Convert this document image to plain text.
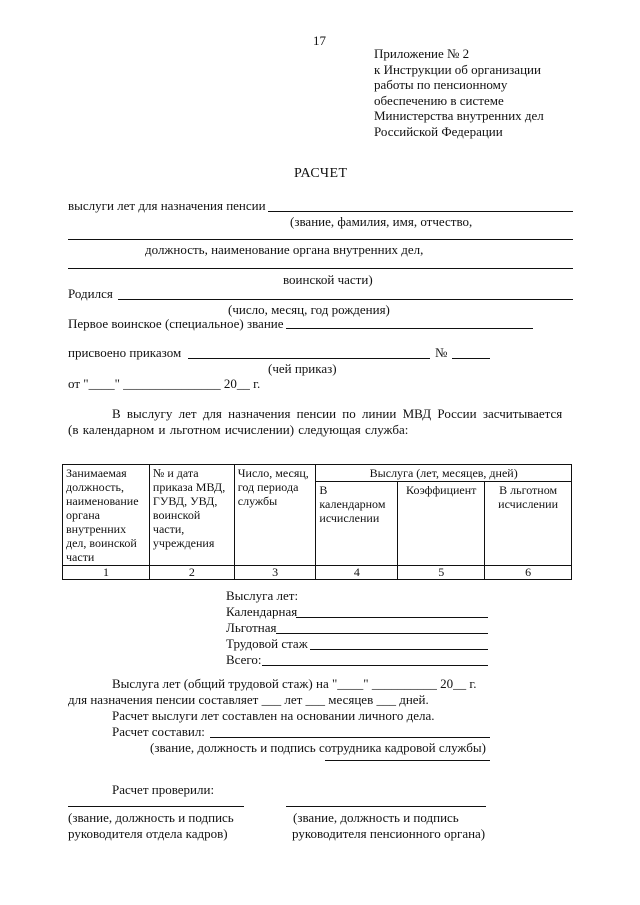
17
Приложение № 2
к Инструкции об организации
работы по пенсионному
обеспечению в системе
Министерства внутренних дел
Российской Федерации
РАСЧЕТ
выслуги лет для назначения пенсии
(звание, фамилия, имя, отчество,
должность, наименование органа внутренних дел,
воинской части)
Родился
(число, месяц, год рождения)
Первое воинское (специальное) звание
присвоено приказом	№
(чей приказ)
от "____" _______________ 20__ г.
В выслугу лет для назначения пенсии по линии МВД России засчитывается
(в календарном и льготном исчислении) следующая служба:
Занимаемая должность, наименование органа внутренних дел, воинской части	№ и дата приказа МВД, ГУВД, УВД, воинской части, учреждения	Число, месяц, год периода службы	Выслуга (лет, месяцев, дней)		
			В календарном исчислении	Коэффициент	В льготном исчислении
1	2	3	4	5	6
Выслуга лет:
Календарная
Льготная
Трудовой стаж
Всего:
Выслуга лет (общий трудовой стаж) на "____" __________ 20__ г.
для назначения пенсии составляет ___ лет ___ месяцев ___ дней.
Расчет выслуги лет составлен на основании личного дела.
Расчет составил:
(звание, должность и подпись сотрудника кадровой службы)
Расчет проверили:
(звание, должность и подпись
руководителя отдела кадров)
(звание, должность и подпись
руководителя пенсионного органа)
